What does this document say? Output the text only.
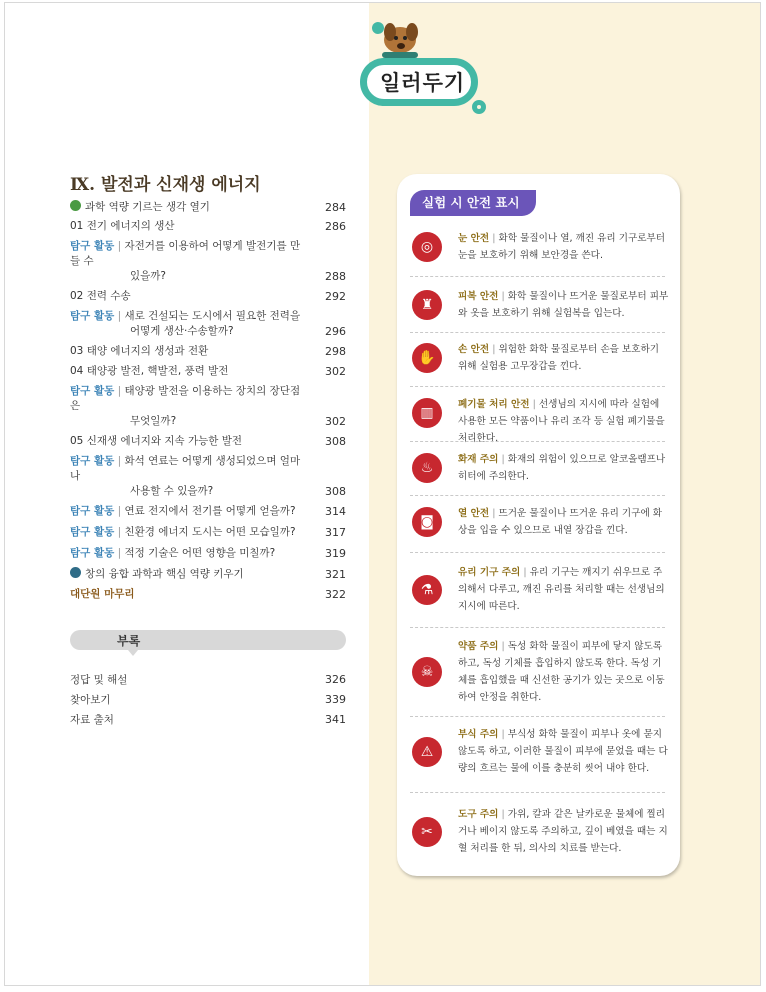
일러두기
Ⅸ. 발전과 신재생 에너지
과학 역량 기르는 생각 열기	284
01 전기 에너지의 생산	286
탐구 활동 | 자전거를 이용하여 어떻게 발전기를 만들 수
있을까?	288
02 전력 수송	292
탐구 활동 | 새로 건설되는 도시에서 필요한 전력을
어떻게 생산·수송할까?	296
03 태양 에너지의 생성과 전환	298
04 태양광 발전, 핵발전, 풍력 발전	302
탐구 활동 | 태양광 발전을 이용하는 장치의 장단점은
무엇일까?	302
05 신재생 에너지와 지속 가능한 발전	308
탐구 활동 | 화석 연료는 어떻게 생성되었으며 얼마나
사용할 수 있을까?	308
탐구 활동 | 연료 전지에서 전기를 어떻게 얻을까?	314
탐구 활동 | 친환경 에너지 도시는 어떤 모습일까?	317
탐구 활동 | 적정 기술은 어떤 영향을 미칠까?	319
창의 융합 과학과 핵심 역량 키우기	321
대단원 마무리	322
부록
정답 및 해설	326
찾아보기	339
자료 출처	341
실험 시 안전 표시
◎
눈 안전 | 화학 물질이나 열, 깨진 유리 기구로부터 눈을 보호하기 위해 보안경을 쓴다.
♜
피복 안전 | 화학 물질이나 뜨거운 물질로부터 피부와 옷을 보호하기 위해 실험복을 입는다.
✋
손 안전 | 위험한 화학 물질로부터 손을 보호하기 위해 실험용 고무장갑을 낀다.
▥
폐기물 처리 안전 | 선생님의 지시에 따라 실험에 사용한 모든 약품이나 유리 조각 등 실험 폐기물을 처리한다.
♨
화재 주의 | 화재의 위험이 있으므로 알코올램프나 히터에 주의한다.
◙
열 안전 | 뜨거운 물질이나 뜨거운 유리 기구에 화상을 입을 수 있으므로 내열 장갑을 낀다.
⚗
유리 기구 주의 | 유리 기구는 깨지기 쉬우므로 주의해서 다루고, 깨진 유리를 처리할 때는 선생님의 지시에 따른다.
☠
약품 주의 | 독성 화학 물질이 피부에 닿지 않도록 하고, 독성 기체를 흡입하지 않도록 한다. 독성 기체를 흡입했을 때 신선한 공기가 있는 곳으로 이동하여 안정을 취한다.
⚠
부식 주의 | 부식성 화학 물질이 피부나 옷에 묻지 않도록 하고, 이러한 물질이 피부에 묻었을 때는 다량의 흐르는 물에 이를 충분히 씻어 내야 한다.
✂
도구 주의 | 가위, 칼과 같은 날카로운 물체에 찔리거나 베이지 않도록 주의하고, 깊이 베였을 때는 지혈 처리를 한 뒤, 의사의 치료를 받는다.
